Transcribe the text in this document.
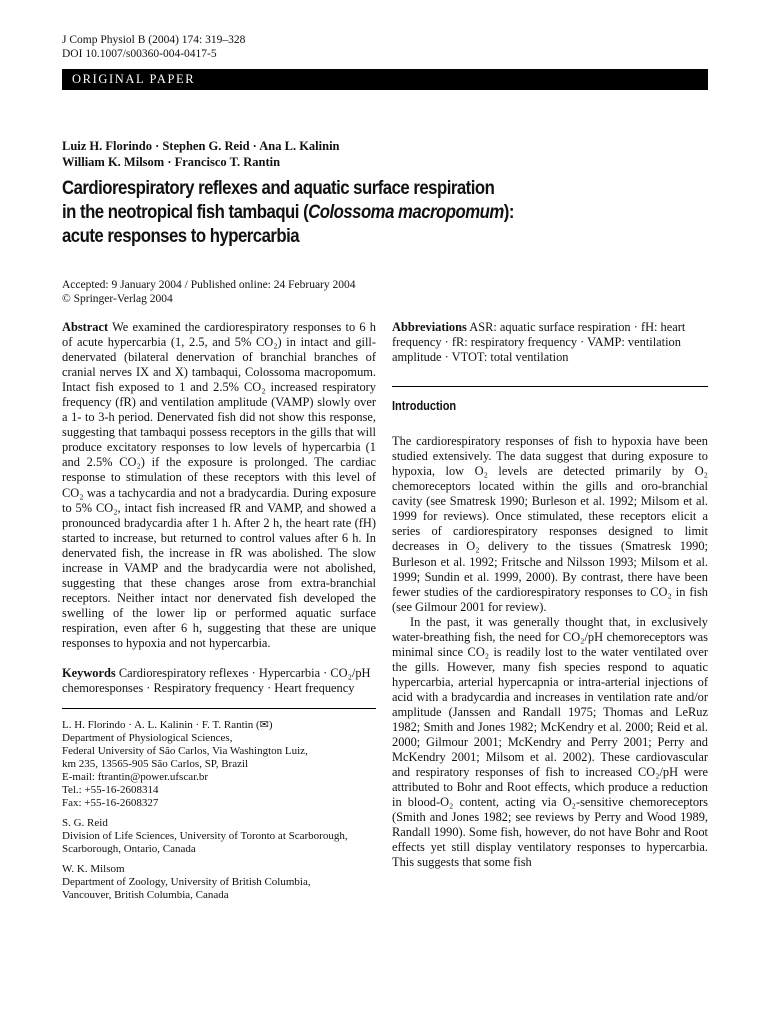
J Comp Physiol B (2004) 174: 319–328
DOI 10.1007/s00360-004-0417-5
ORIGINAL PAPER
Luiz H. Florindo · Stephen G. Reid · Ana L. Kalinin
William K. Milsom · Francisco T. Rantin
Cardiorespiratory reflexes and aquatic surface respiration
in the neotropical fish tambaqui (Colossoma macropomum):
acute responses to hypercarbia
Accepted: 9 January 2004 / Published online: 24 February 2004
© Springer-Verlag 2004

Abstract We examined the cardiorespiratory responses to 6 h of acute hypercarbia (1, 2.5, and 5% CO₂) in intact and gill-denervated (bilateral denervation of branchial branches of cranial nerves IX and X) tambaqui, Colossoma macropomum. Intact fish exposed to 1 and 2.5% CO₂ increased respiratory frequency (fR) and ventilation amplitude (VAMP) slowly over a 1- to 3-h period. Denervated fish did not show this response, suggesting that tambaqui possess receptors in the gills that will produce excitatory responses to low levels of hypercarbia (1 and 2.5% CO₂) if the exposure is prolonged. The cardiac response to stimulation of these receptors with this level of CO₂ was a tachycardia and not a bradycardia. During exposure to 5% CO₂, intact fish increased fR and VAMP, and showed a pronounced bradycardia after 1 h. After 2 h, the heart rate (fH) started to increase, but returned to control values after 6 h. In denervated fish, the increase in fR was abolished. The slow increase in VAMP and the bradycardia were not abolished, suggesting that these changes arose from extra-branchial receptors. Neither intact nor denervated fish developed the swelling of the lower lip or performed aquatic surface respiration, even after 6 h, suggesting that these are unique responses to hypoxia and not hypercarbia.

Keywords Cardiorespiratory reflexes · Hypercarbia · CO₂/pH chemoresponses · Respiratory frequency · Heart frequency

L. H. Florindo · A. L. Kalinin · F. T. Rantin (✉)
Department of Physiological Sciences,
Federal University of São Carlos, Via Washington Luiz,
km 235, 13565-905 São Carlos, SP, Brazil
E-mail: ftrantin@power.ufscar.br
Tel.: +55-16-2608314
Fax: +55-16-2608327

S. G. Reid
Division of Life Sciences, University of Toronto at Scarborough,
Scarborough, Ontario, Canada

W. K. Milsom
Department of Zoology, University of British Columbia,
Vancouver, British Columbia, Canada

Abbreviations ASR: aquatic surface respiration · fH: heart frequency · fR: respiratory frequency · VAMP: ventilation amplitude · VTOT: total ventilation

Introduction

The cardiorespiratory responses of fish to hypoxia have been studied extensively. The data suggest that during exposure to hypoxia, low O₂ levels are detected primarily by O₂ chemoreceptors located within the gills and oro-branchial cavity (see Smatresk 1990; Burleson et al. 1992; Milsom et al. 1999 for reviews). Once stimulated, these receptors elicit a series of cardiorespiratory responses designed to limit decreases in O₂ delivery to the tissues (Smatresk 1990; Burleson et al. 1992; Fritsche and Nilsson 1993; Milsom et al. 1999; Sundin et al. 1999, 2000). By contrast, there have been fewer studies of the cardiorespiratory responses to CO₂ in fish (see Gilmour 2001 for review).

In the past, it was generally thought that, in exclusively water-breathing fish, the need for CO₂/pH chemoreceptors was minimal since CO₂ is readily lost to the water ventilated over the gills. However, many fish species respond to aquatic hypercarbia, arterial hypercapnia or intra-arterial injections of acid with a bradycardia and increases in ventilation rate and/or amplitude (Janssen and Randall 1975; Thomas and LeRuz 1982; Smith and Jones 1982; McKendry et al. 2000; Reid et al. 2000; Gilmour 2001; McKendry and Perry 2001; Perry and McKendry 2001; Milsom et al. 2002). These cardiovascular and respiratory responses of fish to increased CO₂/pH were attributed to Bohr and Root effects, which produce a reduction in blood-O₂ content, acting via O₂-sensitive chemoreceptors (Smith and Jones 1982; see reviews by Perry and Wood 1989, Randall 1990). Some fish, however, do not have Bohr and Root effects yet still display ventilatory responses to hypercarbia. This suggests that some fish
